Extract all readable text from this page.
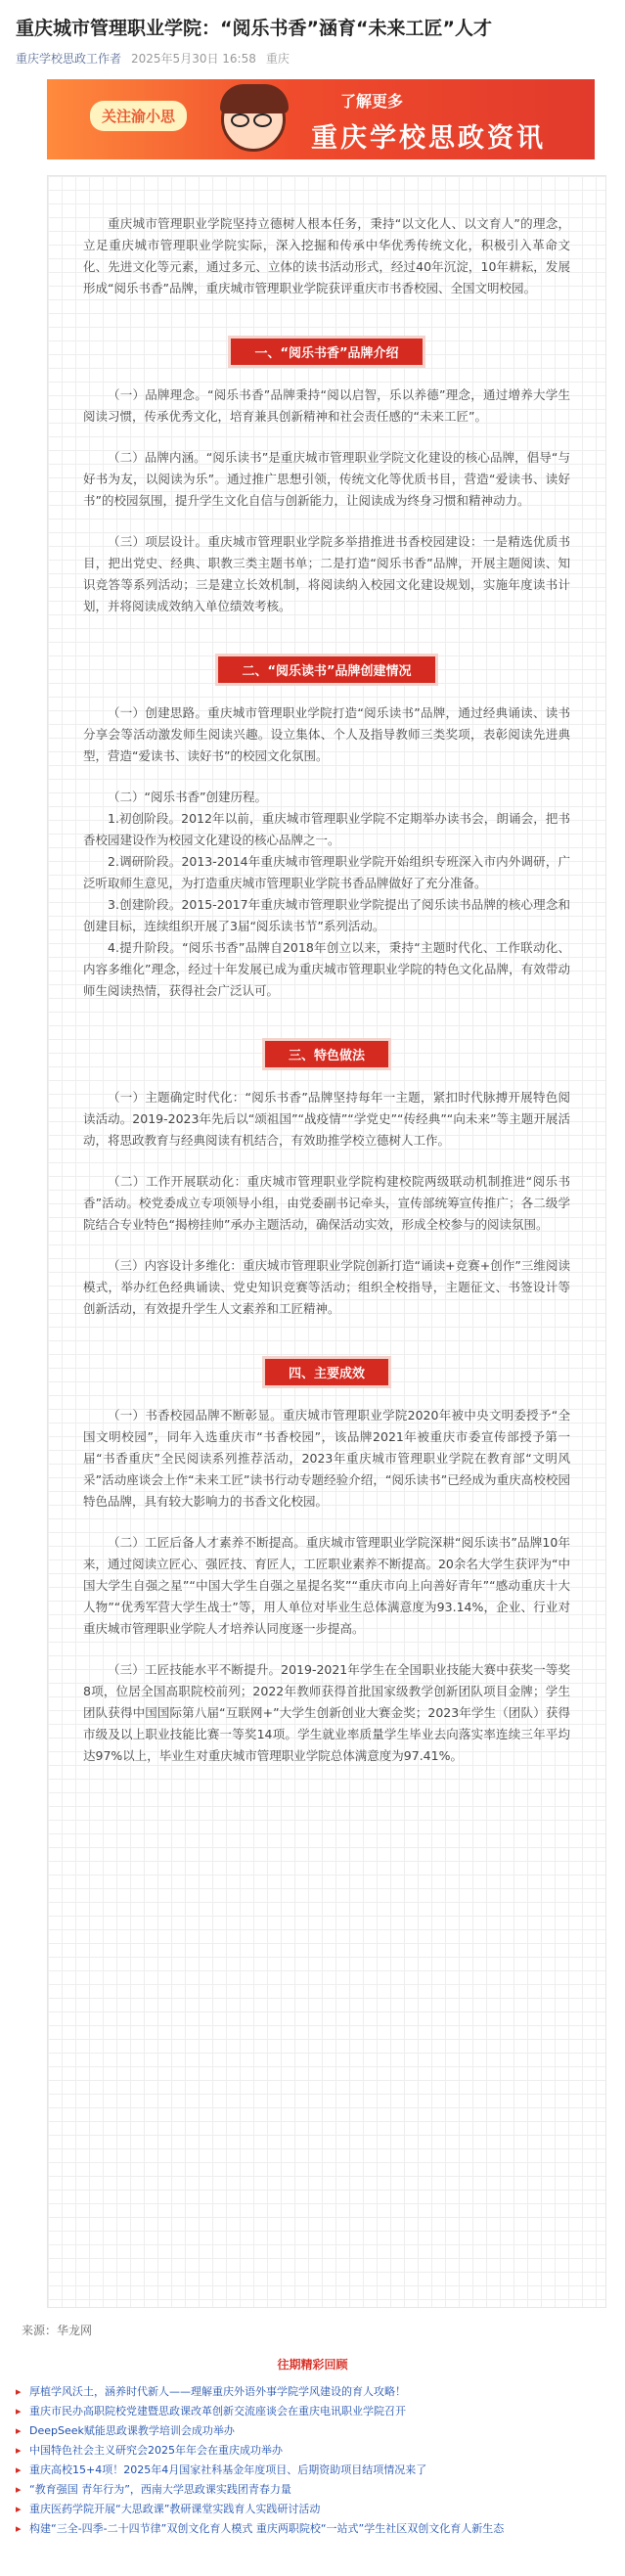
重庆城市管理职业学院：“阅乐书香”涵育“未来工匠”人才
重庆学校思政工作者 2025年5月30日 16:58 重庆
关注渝小思
了解更多
重庆学校思政资讯

重庆城市管理职业学院坚持立德树人根本任务，秉持“以文化人、以文育人”的理念，立足重庆城市管理职业学院实际，深入挖掘和传承中华优秀传统文化，积极引入革命文化、先进文化等元素，通过多元、立体的读书活动形式，经过40年沉淀，10年耕耘，发展形成“阅乐书香”品牌，重庆城市管理职业学院获评重庆市书香校园、全国文明校园。

一、“阅乐书香”品牌介绍

（一）品牌理念。“阅乐书香”品牌秉持“阅以启智，乐以养德”理念，通过增养大学生阅读习惯，传承优秀文化，培育兼具创新精神和社会责任感的“未来工匠”。

（二）品牌内涵。“阅乐读书”是重庆城市管理职业学院文化建设的核心品牌，倡导“与好书为友，以阅读为乐”。通过推广思想引领，传统文化等优质书目，营造“爱读书、读好书”的校园氛围，提升学生文化自信与创新能力，让阅读成为终身习惯和精神动力。

（三）项层设计。重庆城市管理职业学院多举措推进书香校园建设：一是精选优质书目，把出党史、经典、职教三类主题书单；二是打造“阅乐书香”品牌，开展主题阅读、知识竞答等系列活动；三是建立长效机制，将阅读纳入校园文化建设规划，实施年度读书计划，并将阅读成效纳入单位绩效考核。

二、“阅乐读书”品牌创建情况

（一）创建思路。重庆城市管理职业学院打造“阅乐读书”品牌，通过经典诵读、读书分享会等活动激发师生阅读兴趣。设立集体、个人及指导教师三类奖项，表彰阅读先进典型，营造“爱读书、读好书”的校园文化氛围。

（二）“阅乐书香”创建历程。

1.初创阶段。2012年以前，重庆城市管理职业学院不定期举办读书会，朗诵会，把书香校园建设作为校园文化建设的核心品牌之一。

2.调研阶段。2013-2014年重庆城市管理职业学院开始组织专班深入市内外调研，广泛听取师生意见，为打造重庆城市管理职业学院书香品牌做好了充分准备。

3.创建阶段。2015-2017年重庆城市管理职业学院提出了阅乐读书品牌的核心理念和创建目标，连续组织开展了3届“阅乐读书节”系列活动。

4.提升阶段。“阅乐书香”品牌自2018年创立以来，秉持“主题时代化、工作联动化、内容多维化”理念，经过十年发展已成为重庆城市管理职业学院的特色文化品牌，有效带动师生阅读热情，获得社会广泛认可。

三、特色做法

（一）主题确定时代化：“阅乐书香”品牌坚持每年一主题，紧扣时代脉搏开展特色阅读活动。2019-2023年先后以“颂祖国”“战疫情”“学党史”“传经典”“向未来”等主题开展活动，将思政教育与经典阅读有机结合，有效助推学校立德树人工作。

（二）工作开展联动化：重庆城市管理职业学院构建校院两级联动机制推进“阅乐书香”活动。校党委成立专项领导小组，由党委副书记牵头，宣传部统筹宣传推广；各二级学院结合专业特色“揭榜挂帅”承办主题活动，确保活动实效，形成全校参与的阅读氛围。

（三）内容设计多维化：重庆城市管理职业学院创新打造“诵读+竞赛+创作”三维阅读模式，举办红色经典诵读、党史知识竞赛等活动；组织全校指导，主题征文、书签设计等创新活动，有效提升学生人文素养和工匠精神。

四、主要成效

（一）书香校园品牌不断彰显。重庆城市管理职业学院2020年被中央文明委授予“全国文明校园”，同年入选重庆市“书香校园”，该品牌2021年被重庆市委宣传部授予第一届“书香重庆”全民阅读系列推荐活动，2023年重庆城市管理职业学院在教育部“文明风采”活动座谈会上作“未来工匠”读书行动专题经验介绍，“阅乐读书”已经成为重庆高校校园特色品牌，具有较大影响力的书香文化校园。

（二）工匠后备人才素养不断提高。重庆城市管理职业学院深耕“阅乐读书”品牌10年来，通过阅读立匠心、强匠技、育匠人，工匠职业素养不断提高。20余名大学生获评为“中国大学生自强之星”“中国大学生自强之星提名奖”“重庆市向上向善好青年”“感动重庆十大人物”“优秀军营大学生战士”等，用人单位对毕业生总体满意度为93.14%，企业、行业对重庆城市管理职业学院人才培养认同度逐一步提高。

（三）工匠技能水平不断提升。2019-2021年学生在全国职业技能大赛中获奖一等奖8项，位居全国高职院校前列；2022年教师获得首批国家级教学创新团队项目金牌；学生团队获得中国国际第八届“互联网+”大学生创新创业大赛金奖；2023年学生（团队）获得市级及以上职业技能比赛一等奖14项。学生就业率质量学生毕业去向落实率连续三年平均达97%以上，毕业生对重庆城市管理职业学院总体满意度为97.41%。

来源：华龙网
往期精彩回顾
▸ 厚植学风沃土，涵养时代新人——理解重庆外语外事学院学风建设的育人攻略！
▸ 重庆市民办高职院校党建暨思政课改革创新交流座谈会在重庆电讯职业学院召开
▸ DeepSeek赋能思政课教学培训会成功举办
▸ 中国特色社会主义研究会2025年年会在重庆成功举办
▸ 重庆高校15+4项！2025年4月国家社科基金年度项目、后期资助项目结项情况来了
▸ “教育强国 青年行为”，西南大学思政课实践团青春力量
▸ 重庆医药学院开展“大思政课”教研课堂实践育人实践研讨活动
▸ 构建“三全-四季-二十四节律”双创文化育人模式 重庆两职院校“一站式”学生社区双创文化育人新生态
